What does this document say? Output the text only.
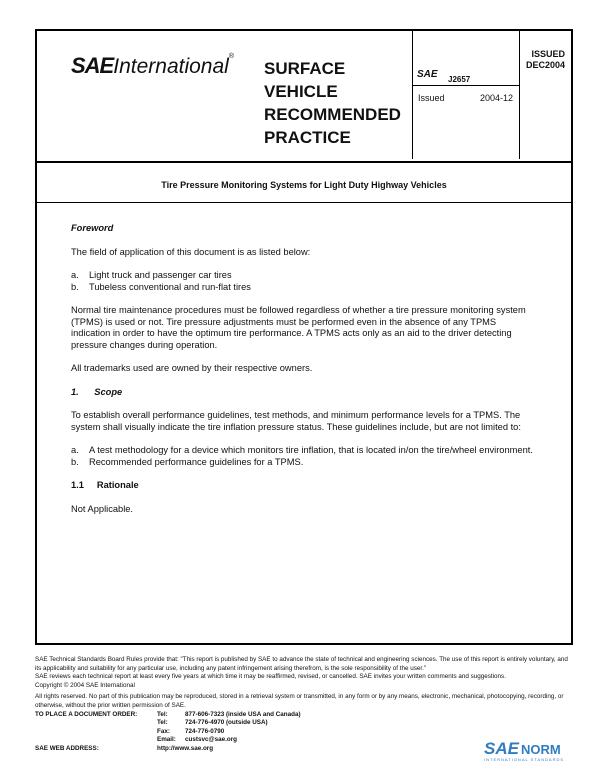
SAEInternational®
SURFACE
VEHICLE
RECOMMENDED
PRACTICE
SAE J2657
Issued	2004-12
ISSUED
DEC2004
Tire Pressure Monitoring Systems for Light Duty Highway Vehicles

Foreword

The field of application of this document is as listed below:

a.	Light truck and passenger car tires
b.	Tubeless conventional and run-flat tires

Normal tire maintenance procedures must be followed regardless of whether a tire pressure monitoring system (TPMS) is used or not. Tire pressure adjustments must be performed even in the absence of any TPMS indication in order to have the optimum tire performance. A TPMS acts only as an aid to the driver detecting pressure changes during operation.

All trademarks used are owned by their respective owners.

1. Scope

To establish overall performance guidelines, test methods, and minimum performance levels for a TPMS. The system shall visually indicate the tire inflation pressure status. These guidelines include, but are not limited to:

a.	A test methodology for a device which monitors tire inflation, that is located in/on the tire/wheel environment.
b.	Recommended performance guidelines for a TPMS.

1.1 Rationale

Not Applicable.

SAE Technical Standards Board Rules provide that: "This report is published by SAE to advance the state of technical and engineering sciences. The use of this report is entirely voluntary, and its applicability and suitability for any particular use, including any patent infringement arising therefrom, is the sole responsibility of the user."

SAE reviews each technical report at least every five years at which time it may be reaffirmed, revised, or cancelled. SAE invites your written comments and suggestions.

Copyright © 2004 SAE International

All rights reserved. No part of this publication may be reproduced, stored in a retrieval system or transmitted, in any form or by any means, electronic, mechanical, photocopying, recording, or otherwise, without the prior written permission of SAE.

TO PLACE A DOCUMENT ORDER:	Tel:	877-606-7323 (inside USA and Canada)
Tel:	724-776-4970 (outside USA)
Fax:	724-776-0790
Email:	custsvc@sae.org
SAE WEB ADDRESS:	http://www.sae.org	SAE NORM
INTERNATIONAL STANDARDS
